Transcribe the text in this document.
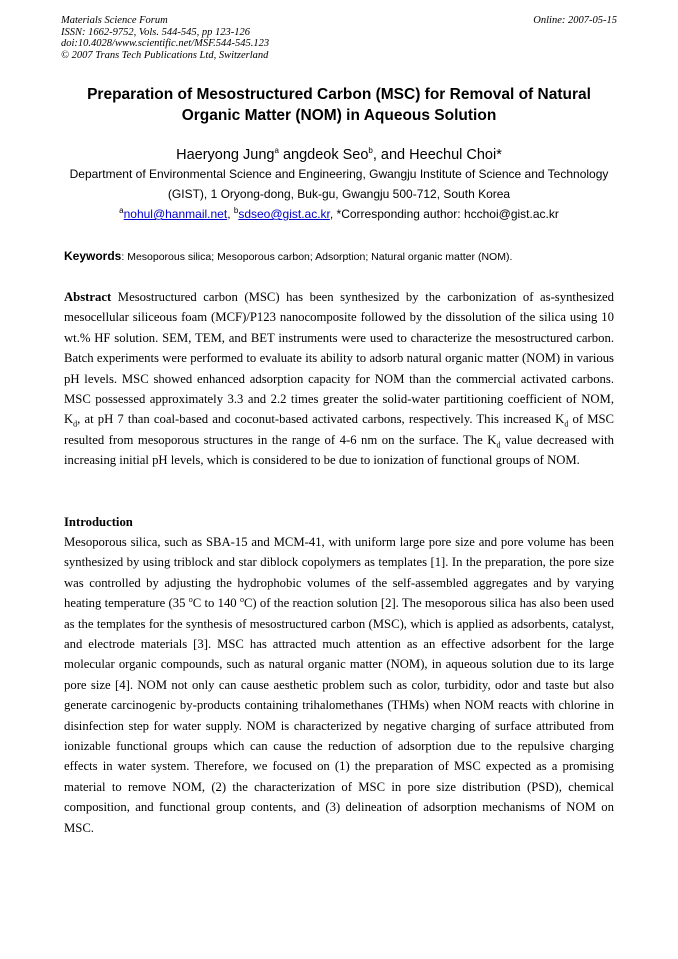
Materials Science Forum
ISSN: 1662-9752, Vols. 544-545, pp 123-126
doi:10.4028/www.scientific.net/MSF.544-545.123
© 2007 Trans Tech Publications Ltd, Switzerland
Online: 2007-05-15
Preparation of Mesostructured Carbon (MSC) for Removal of Natural Organic Matter (NOM) in Aqueous Solution
Haeryong Jung$^a$ angdeok Seo$^b$, and Heechul Choi*
Department of Environmental Science and Engineering, Gwangju Institute of Science and Technology (GIST), 1 Oryong-dong, Buk-gu, Gwangju 500-712, South Korea
$^a$nohul@hanmail.net, $^b$sdseo@gist.ac.kr, *Corresponding author: hcchoi@gist.ac.kr
Keywords: Mesoporous silica; Mesoporous carbon; Adsorption; Natural organic matter (NOM).
Abstract Mesostructured carbon (MSC) has been synthesized by the carbonization of as-synthesized mesocellular siliceous foam (MCF)/P123 nanocomposite followed by the dissolution of the silica using 10 wt.% HF solution. SEM, TEM, and BET instruments were used to characterize the mesostructured carbon. Batch experiments were performed to evaluate its ability to adsorb natural organic matter (NOM) in various pH levels. MSC showed enhanced adsorption capacity for NOM than the commercial activated carbons. MSC possessed approximately 3.3 and 2.2 times greater the solid-water partitioning coefficient of NOM, $K_d$, at pH 7 than coal-based and coconut-based activated carbons, respectively. This increased $K_d$ of MSC resulted from mesoporous structures in the range of 4-6 nm on the surface. The $K_d$ value decreased with increasing initial pH levels, which is considered to be due to ionization of functional groups of NOM.
Introduction
Mesoporous silica, such as SBA-15 and MCM-41, with uniform large pore size and pore volume has been synthesized by using triblock and star diblock copolymers as templates [1]. In the preparation, the pore size was controlled by adjusting the hydrophobic volumes of the self-assembled aggregates and by varying heating temperature (35 $^o$C to 140 $^o$C) of the reaction solution [2]. The mesoporous silica has also been used as the templates for the synthesis of mesostructured carbon (MSC), which is applied as adsorbents, catalyst, and electrode materials [3]. MSC has attracted much attention as an effective adsorbent for the large molecular organic compounds, such as natural organic matter (NOM), in aqueous solution due to its large pore size [4]. NOM not only can cause aesthetic problem such as color, turbidity, odor and taste but also generate carcinogenic by-products containing trihalomethanes (THMs) when NOM reacts with chlorine in disinfection step for water supply. NOM is characterized by negative charging of surface attributed from ionizable functional groups which can cause the reduction of adsorption due to the repulsive charging effects in water system. Therefore, we focused on (1) the preparation of MSC expected as a promising material to remove NOM, (2) the characterization of MSC in pore size distribution (PSD), chemical composition, and functional group contents, and (3) delineation of adsorption mechanisms of NOM on MSC.
